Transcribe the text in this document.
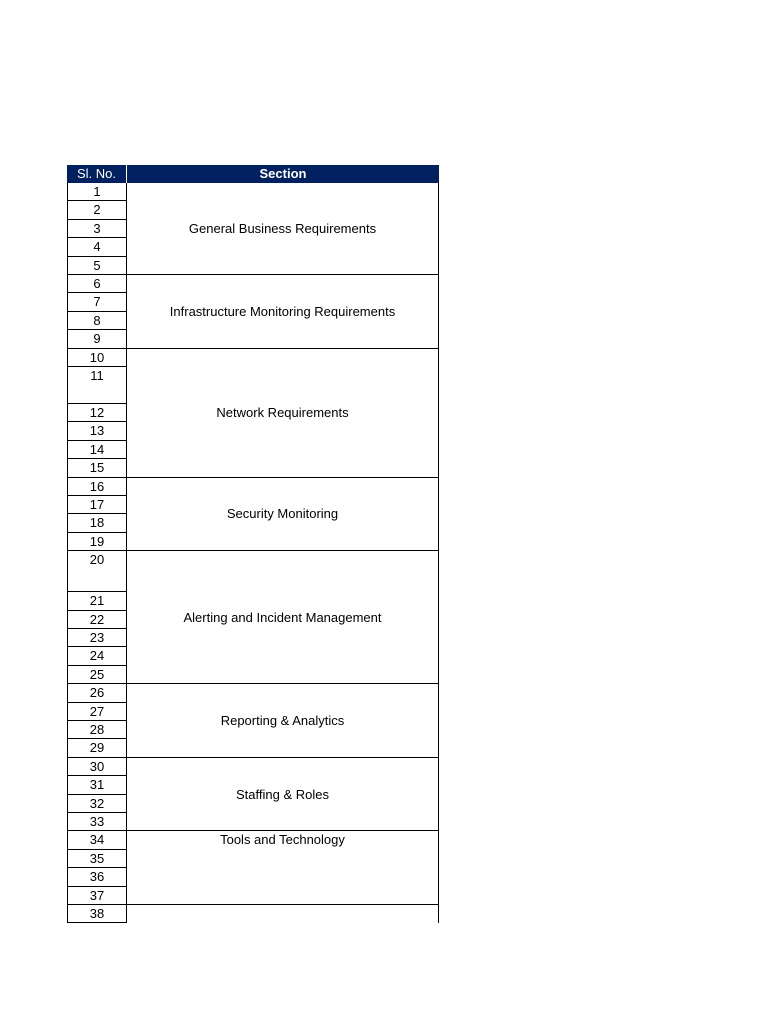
Sl. No.	Section
1
2
3
4
5
6
7
8
9
10
11
12
13
14
15
16
17
18
19
20
21
22
23
24
25
26
27
28
29
30
31
32
33
34
35
36
37
38
General Business Requirements
Infrastructure Monitoring Requirements
Network Requirements
Security Monitoring
Alerting and Incident Management
Reporting & Analytics
Staffing & Roles
Tools and Technology
